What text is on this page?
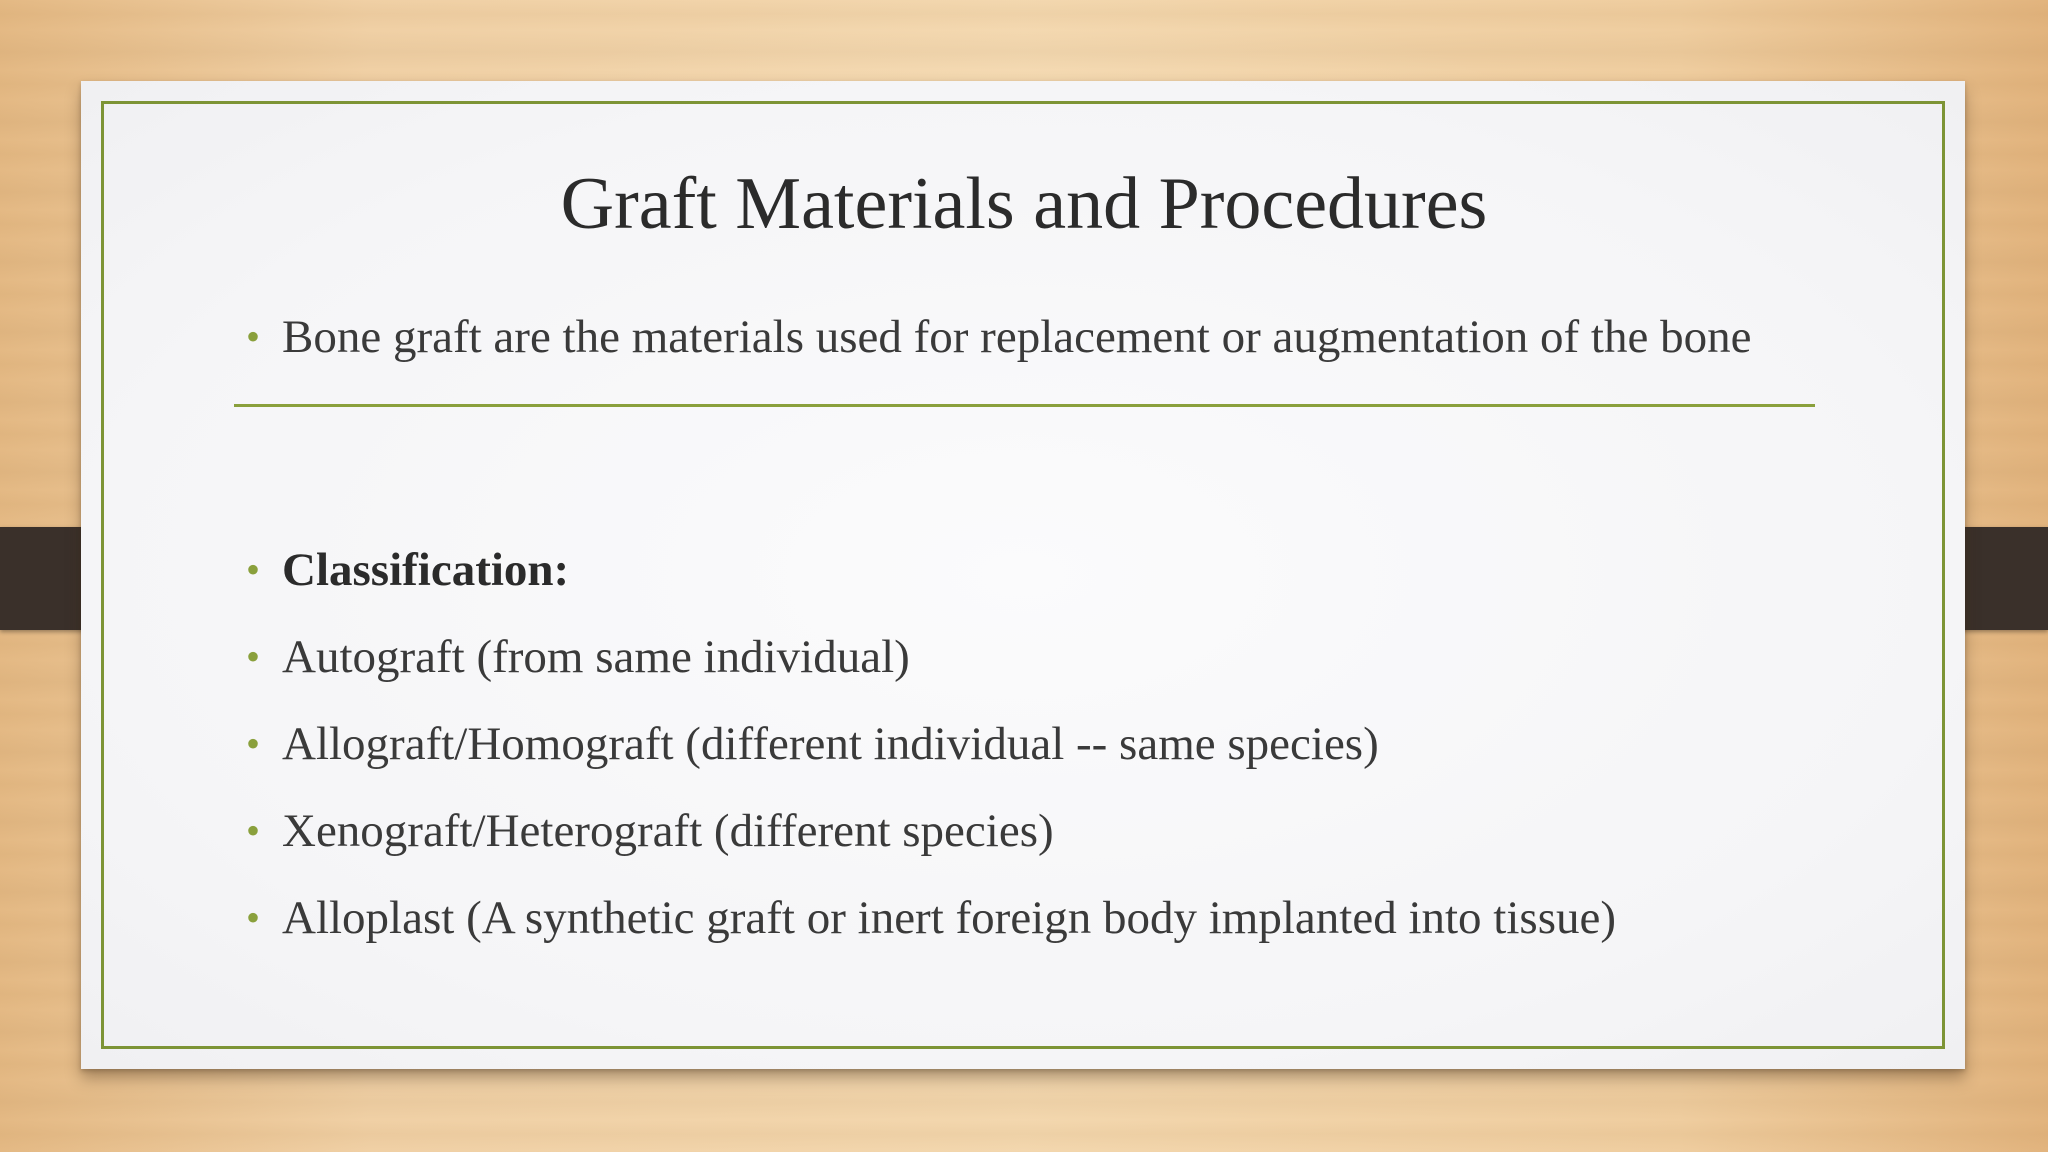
Graft Materials and Procedures
• Bone graft are the materials used for replacement or augmentation of the bone
• Classification:
• Autograft (from same individual)
• Allograft/Homograft (different individual -- same species)
• Xenograft/Heterograft (different species)
• Alloplast (A synthetic graft or inert foreign body implanted into tissue)
